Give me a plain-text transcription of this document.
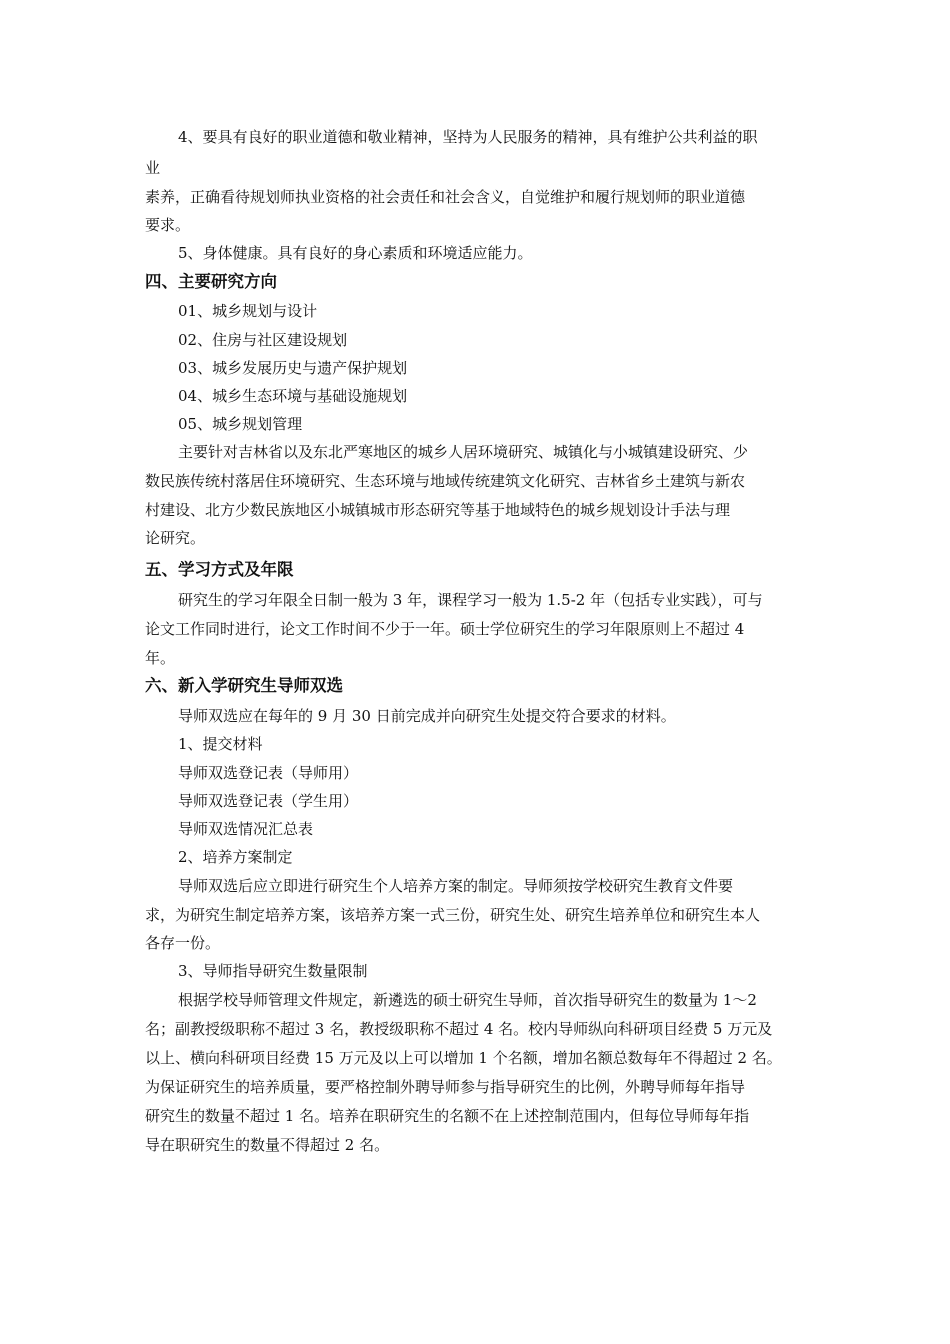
4、要具有良好的职业道德和敬业精神，坚持为人民服务的精神，具有维护公共利益的职
业
素养，正确看待规划师执业资格的社会责任和社会含义，自觉维护和履行规划师的职业道德
要求。
5、身体健康。具有良好的身心素质和环境适应能力。
四、主要研究方向
01、城乡规划与设计
02、住房与社区建设规划
03、城乡发展历史与遗产保护规划
04、城乡生态环境与基础设施规划
05、城乡规划管理
主要针对吉林省以及东北严寒地区的城乡人居环境研究、城镇化与小城镇建设研究、少
数民族传统村落居住环境研究、生态环境与地域传统建筑文化研究、吉林省乡土建筑与新农
村建设、北方少数民族地区小城镇城市形态研究等基于地域特色的城乡规划设计手法与理
论研究。
五、学习方式及年限
研究生的学习年限全日制一般为 3 年，课程学习一般为 1.5-2 年（包括专业实践），可与
论文工作同时进行，论文工作时间不少于一年。硕士学位研究生的学习年限原则上不超过 4
年。
六、新入学研究生导师双选
导师双选应在每年的 9 月 30 日前完成并向研究生处提交符合要求的材料。
1、提交材料
导师双选登记表（导师用）
导师双选登记表（学生用）
导师双选情况汇总表
2、培养方案制定
导师双选后应立即进行研究生个人培养方案的制定。导师须按学校研究生教育文件要
求，为研究生制定培养方案，该培养方案一式三份，研究生处、研究生培养单位和研究生本人
各存一份。
3、导师指导研究生数量限制
根据学校导师管理文件规定，新遴选的硕士研究生导师，首次指导研究生的数量为 1～2
名；副教授级职称不超过 3 名，教授级职称不超过 4 名。校内导师纵向科研项目经费 5 万元及
以上、横向科研项目经费 15 万元及以上可以增加 1 个名额，增加名额总数每年不得超过 2 名。
为保证研究生的培养质量，要严格控制外聘导师参与指导研究生的比例，外聘导师每年指导
研究生的数量不超过 1 名。培养在职研究生的名额不在上述控制范围内，但每位导师每年指
导在职研究生的数量不得超过 2 名。
